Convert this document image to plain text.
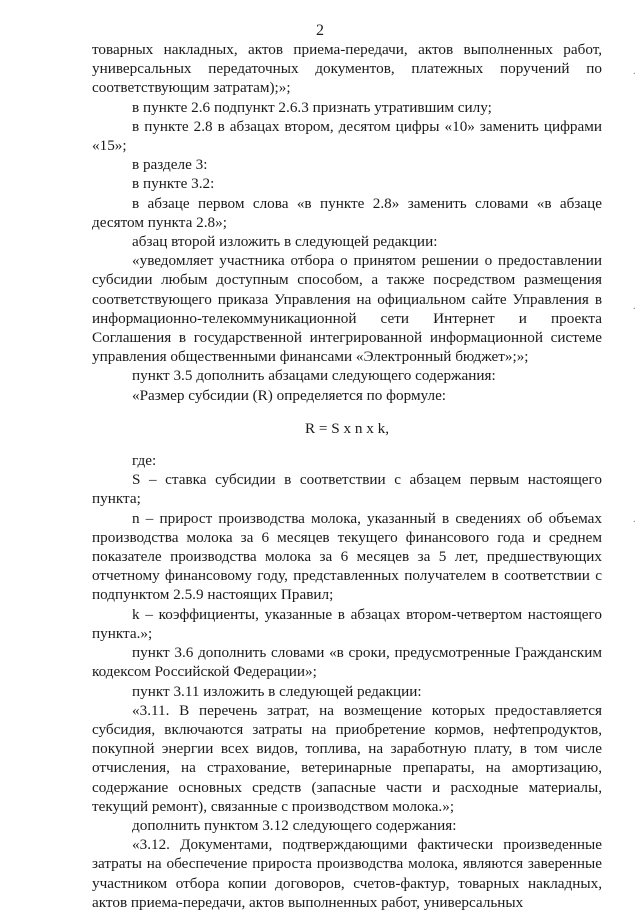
2

товарных накладных, актов приема-передачи, актов выполненных работ, универсальных передаточных документов, платежных поручений по соответствующим затратам);»;

в пункте 2.6 подпункт 2.6.3 признать утратившим силу;

в пункте 2.8 в абзацах втором, десятом цифры «10» заменить цифрами «15»;

в разделе 3:

в пункте 3.2:

в абзаце первом слова «в пункте 2.8» заменить словами «в абзаце десятом пункта 2.8»;

абзац второй изложить в следующей редакции:

«уведомляет участника отбора о принятом решении о предоставлении субсидии любым доступным способом, а также посредством размещения соответствующего приказа Управления на официальном сайте Управления в информационно-телекоммуникационной сети Интернет и проекта Соглашения в государственной интегрированной информационной системе управления общественными финансами «Электронный бюджет»;»;

пункт 3.5 дополнить абзацами следующего содержания:

«Размер субсидии (R) определяется по формуле:

R = S x n x k,

где:

S – ставка субсидии в соответствии с абзацем первым настоящего пункта;

n – прирост производства молока, указанный в сведениях об объемах производства молока за 6 месяцев текущего финансового года и среднем показателе производства молока за 6 месяцев за 5 лет, предшествующих отчетному финансовому году, представленных получателем в соответствии с подпунктом 2.5.9 настоящих Правил;

k – коэффициенты, указанные в абзацах втором-четвертом настоящего пункта.»;

пункт 3.6 дополнить словами «в сроки, предусмотренные Гражданским кодексом Российской Федерации»;

пункт 3.11 изложить в следующей редакции:

«3.11. В перечень затрат, на возмещение которых предоставляется субсидия, включаются затраты на приобретение кормов, нефтепродуктов, покупной энергии всех видов, топлива, на заработную плату, в том числе отчисления, на страхование, ветеринарные препараты, на амортизацию, содержание основных средств (запасные части и расходные материалы, текущий ремонт), связанные с производством молока.»;

дополнить пунктом 3.12 следующего содержания:

«3.12. Документами, подтверждающими фактически произведенные затраты на обеспечение прироста производства молока, являются заверенные участником отбора копии договоров, счетов-фактур, товарных накладных, актов приема-передачи, актов выполненных работ, универсальных

·
·
·
